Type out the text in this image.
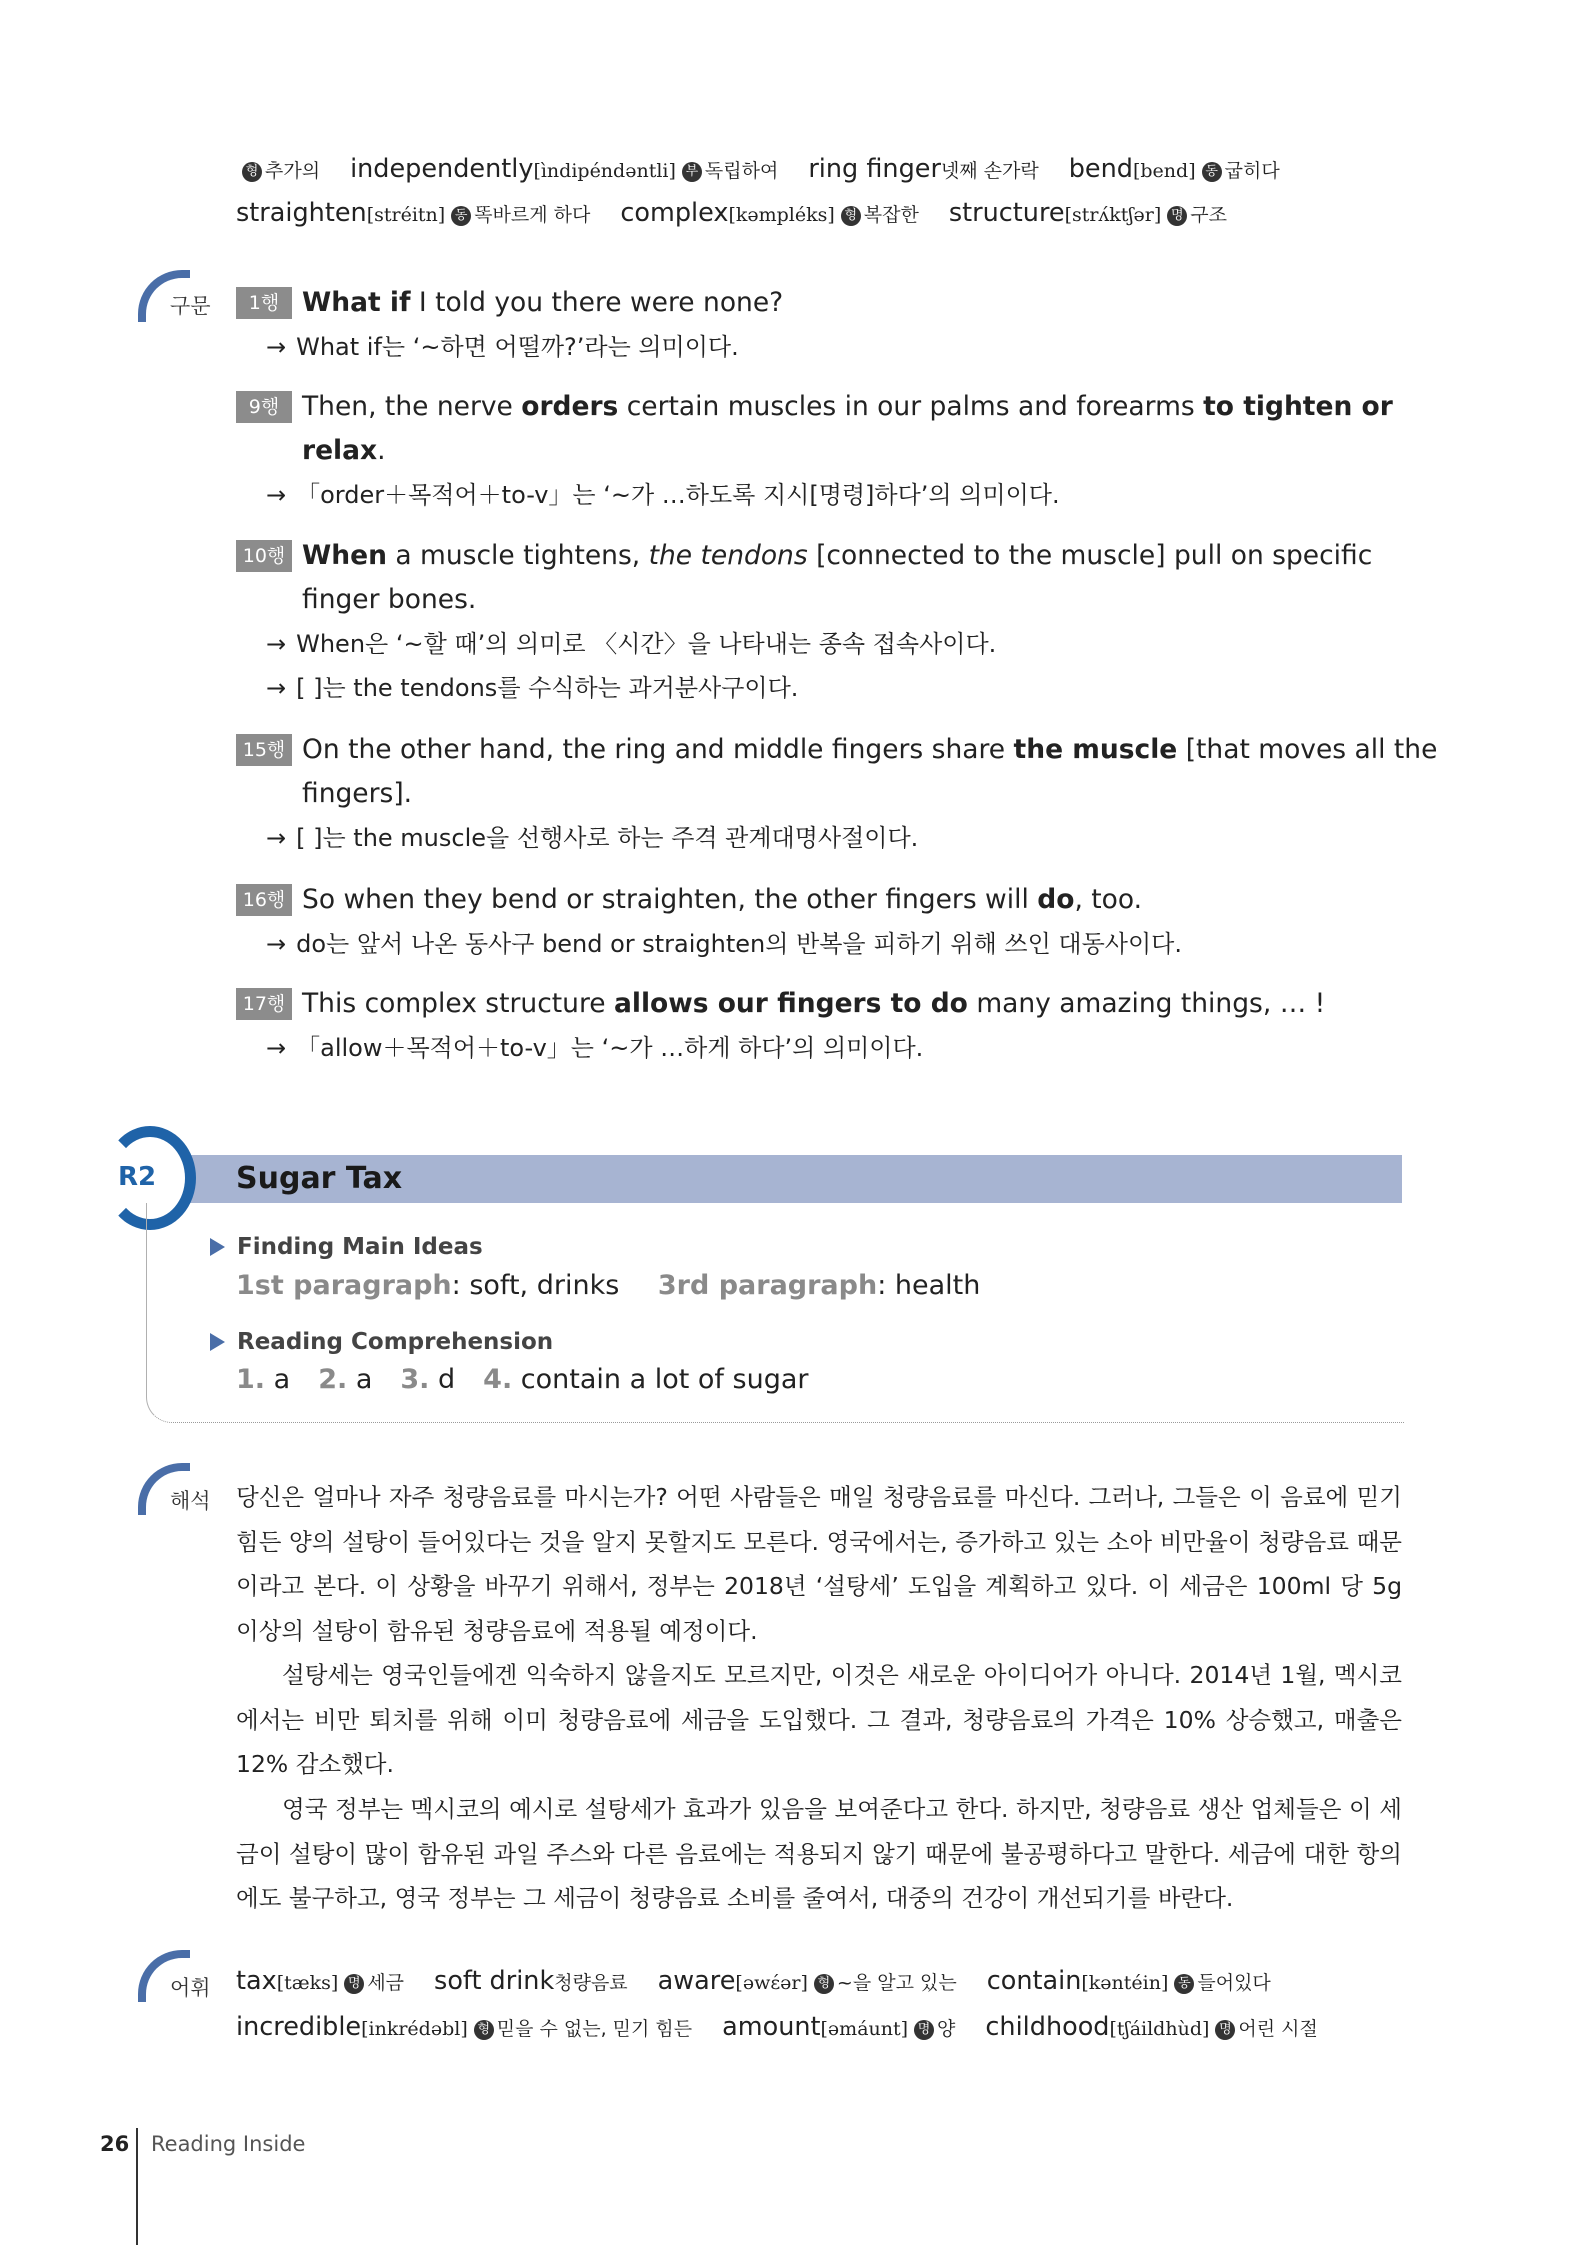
형 추가의 independently[ìndipéndəntli] 부 독립하여 ring finger넷째 손가락 bend[bend] 동 굽히다
straighten[stréitn] 동 똑바르게 하다 complex[kəmpléks] 형 복잡한 structure[strʌ́ktʃər] 명 구조
구문	1행 What if I told you there were none?
→ What if는 ‘~하면 어떨까?’라는 의미이다.
9행 Then, the nerve orders certain muscles in our palms and forearms to tighten or
relax.
→ 「order＋목적어＋to-v」는 ‘~가 …하도록 지시[명령]하다’의 의미이다.
10행 When a muscle tightens, the tendons [connected to the muscle] pull on specific
finger bones.
→ When은 ‘~할 때’의 의미로 〈시간〉을 나타내는 종속 접속사이다.
→ [ ]는 the tendons를 수식하는 과거분사구이다.
15행 On the other hand, the ring and middle fingers share the muscle [that moves all the
fingers].
→ [ ]는 the muscle을 선행사로 하는 주격 관계대명사절이다.
16행 So when they bend or straighten, the other fingers will do, too.
→ do는 앞서 나온 동사구 bend or straighten의 반복을 피하기 위해 쓰인 대동사이다.
17행 This complex structure allows our fingers to do many amazing things, … !
→ 「allow＋목적어＋to-v」는 ‘~가 …하게 하다’의 의미이다.
Sugar Tax
R2
Finding Main Ideas
1st paragraph: soft, drinks 3rd paragraph: health
Reading Comprehension
1. a 2. a 3. d 4. contain a lot of sugar
해석 당신은 얼마나 자주 청량음료를 마시는가? 어떤 사람들은 매일 청량음료를 마신다. 그러나, 그들은 이 음료에 믿기 힘든 양의 설탕이 들어있다는 것을 알지 못할지도 모른다. 영국에서는, 증가하고 있는 소아 비만율이 청량음료 때문이라고 본다. 이 상황을 바꾸기 위해서, 정부는 2018년 ‘설탕세’ 도입을 계획하고 있다. 이 세금은 100ml 당 5g 이상의 설탕이 함유된 청량음료에 적용될 예정이다.

설탕세는 영국인들에겐 익숙하지 않을지도 모르지만, 이것은 새로운 아이디어가 아니다. 2014년 1월, 멕시코에서는 비만 퇴치를 위해 이미 청량음료에 세금을 도입했다. 그 결과, 청량음료의 가격은 10% 상승했고, 매출은 12% 감소했다.

영국 정부는 멕시코의 예시로 설탕세가 효과가 있음을 보여준다고 한다. 하지만, 청량음료 생산 업체들은 이 세금이 설탕이 많이 함유된 과일 주스와 다른 음료에는 적용되지 않기 때문에 불공평하다고 말한다. 세금에 대한 항의에도 불구하고, 영국 정부는 그 세금이 청량음료 소비를 줄여서, 대중의 건강이 개선되기를 바란다.

어휘 tax[tæks] 명 세금 soft drink청량음료 aware[əwέər] 형 ~을 알고 있는 contain[kəntéin] 동 들어있다
incredible[inkrédəbl] 형 믿을 수 없는, 믿기 힘든 amount[əmáunt] 명 양 childhood[tʃáildhùd] 명 어린 시절
26 Reading Inside
